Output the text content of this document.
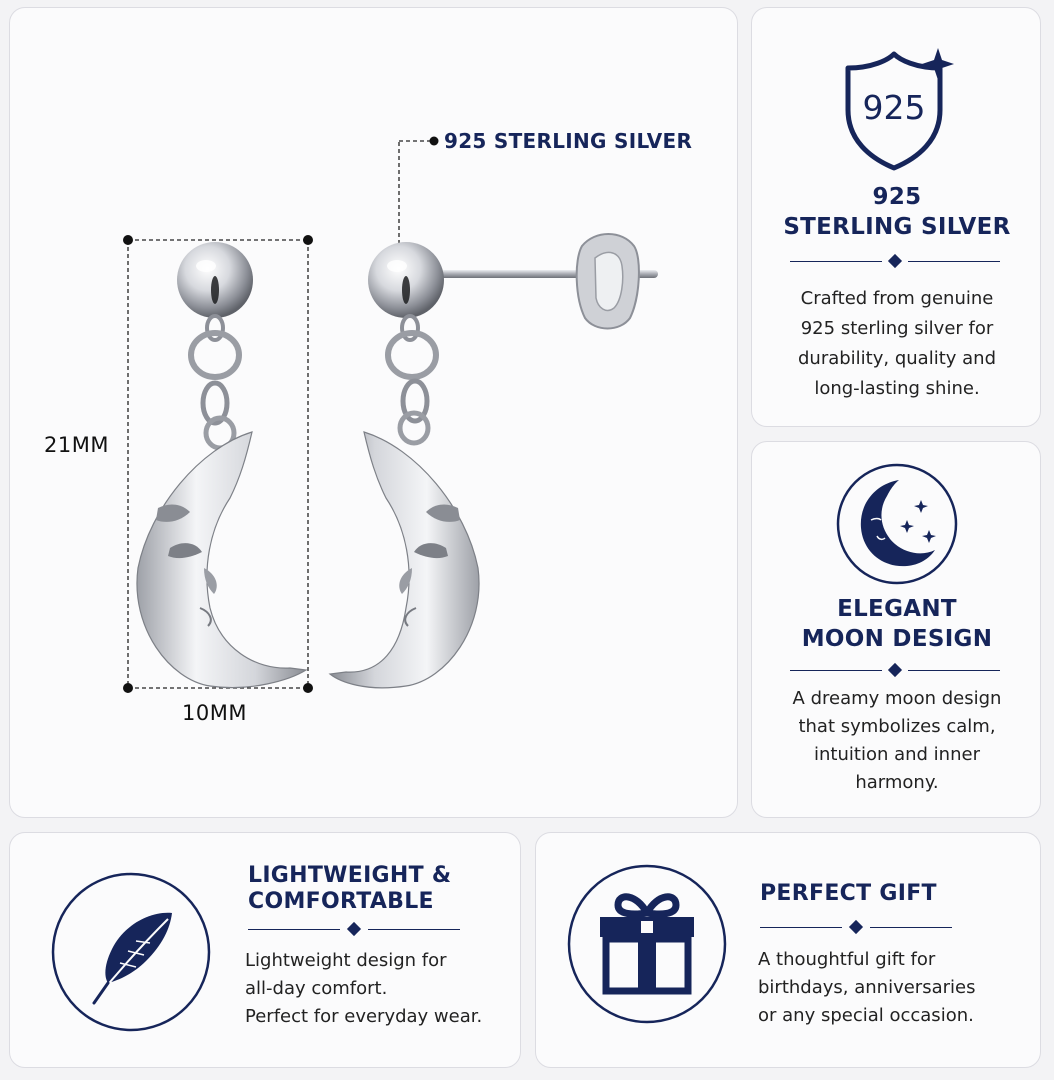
925 STERLING SILVER
21MM
10MM
925
925
STERLING SILVER
Crafted from genuine
925 sterling silver for
durability, quality and
long-lasting shine.
ELEGANT
MOON DESIGN
A dreamy moon design
that symbolizes calm,
intuition and inner
harmony.
LIGHTWEIGHT &
COMFORTABLE
Lightweight design for
all-day comfort.
Perfect for everyday wear.
PERFECT GIFT
A thoughtful gift for
birthdays, anniversaries
or any special occasion.
